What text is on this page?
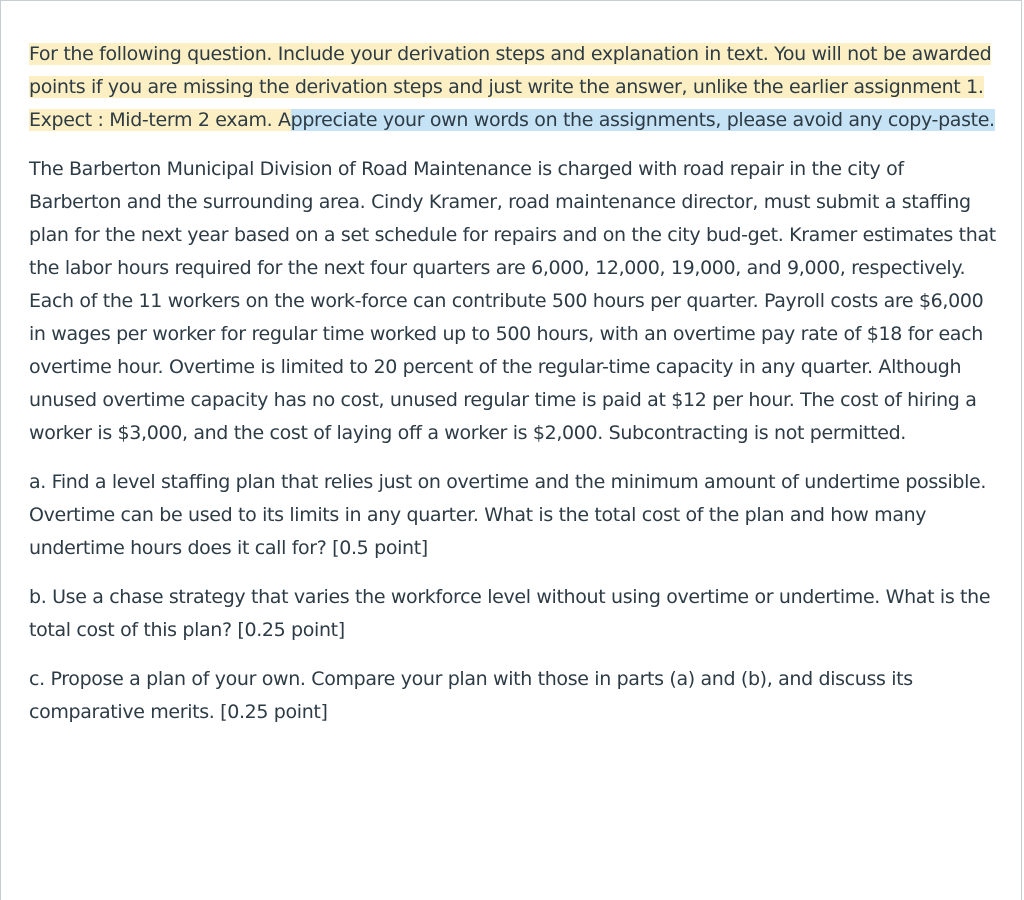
For the following question. Include your derivation steps and explanation in text. You will not be awarded points if you are missing the derivation steps and just write the answer, unlike the earlier assignment 1. Expect : Mid-term 2 exam. Appreciate your own words on the assignments, please avoid any copy-paste.

The Barberton Municipal Division of Road Maintenance is charged with road repair in the city of Barberton and the surrounding area. Cindy Kramer, road maintenance director, must submit a staffing plan for the next year based on a set schedule for repairs and on the city bud-get. Kramer estimates that the labor hours required for the next four quarters are 6,000, 12,000, 19,000, and 9,000, respectively. Each of the 11 workers on the work-force can contribute 500 hours per quarter. Payroll costs are $6,000 in wages per worker for regular time worked up to 500 hours, with an overtime pay rate of $18 for each overtime hour. Overtime is limited to 20 percent of the regular-time capacity in any quarter. Although unused overtime capacity has no cost, unused regular time is paid at $12 per hour. The cost of hiring a worker is $3,000, and the cost of laying off a worker is $2,000. Subcontracting is not permitted.

a. Find a level staffing plan that relies just on overtime and the minimum amount of undertime possible. Overtime can be used to its limits in any quarter. What is the total cost of the plan and how many undertime hours does it call for? [0.5 point]

b. Use a chase strategy that varies the workforce level without using overtime or undertime. What is the total cost of this plan? [0.25 point]

c. Propose a plan of your own. Compare your plan with those in parts (a) and (b), and discuss its comparative merits. [0.25 point]
